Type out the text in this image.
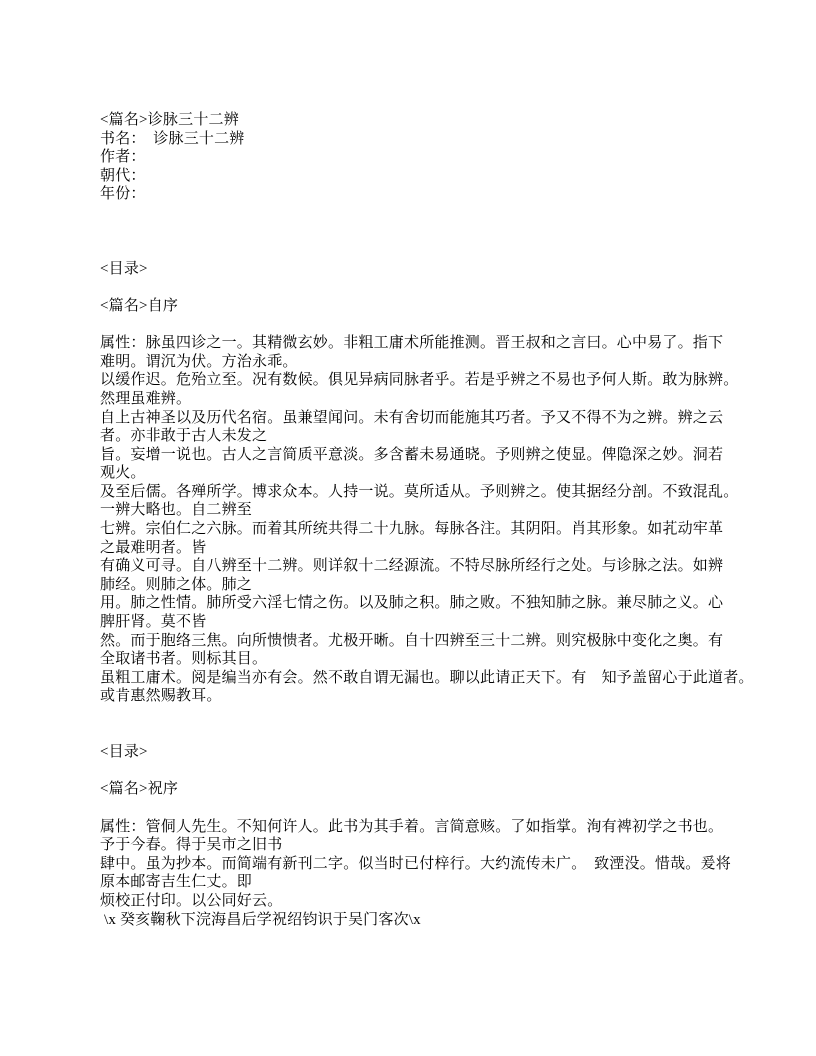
<篇名>诊脉三十二辨
书名：　诊脉三十二辨
作者：
朝代：
年份：
<目录>
<篇名>自序
属性：脉虽四诊之一。其精微玄妙。非粗工庸术所能推测。晋王叔和之言曰。心中易了。指下
难明。谓沉为伏。方治永乖。
以缓作迟。危殆立至。况有数候。俱见异病同脉者乎。若是乎辨之不易也予何人斯。敢为脉辨。
然理虽难辨。
自上古神圣以及历代名宿。虽兼望闻问。未有舍切而能施其巧者。予又不得不为之辨。辨之云
者。亦非敢于古人未发之
旨。妄增一说也。古人之言简质平意淡。多含蓄未易通晓。予则辨之使显。俾隐深之妙。洞若
观火。
及至后儒。各殚所学。博求众本。人持一说。莫所适从。予则辨之。使其据经分剖。不致混乱。
一辨大略也。自二辨至
七辨。宗伯仁之六脉。而着其所统共得二十九脉。每脉各注。其阴阳。肖其形象。如芤动牢革
之最难明者。皆
有确义可寻。自八辨至十二辨。则详叙十二经源流。不特尽脉所经行之处。与诊脉之法。如辨
肺经。则肺之体。肺之
用。肺之性情。肺所受六淫七情之伤。以及肺之积。肺之败。不独知肺之脉。兼尽肺之义。心
脾肝肾。莫不皆
然。而于胞络三焦。向所愦愦者。尤极开晰。自十四辨至三十二辨。则究极脉中变化之奥。有
全取诸书者。则标其目。
虽粗工庸术。阅是编当亦有会。然不敢自谓无漏也。聊以此请正天下。有　知予盖留心于此道者。
或肯惠然赐教耳。
<目录>
<篇名>祝序
属性：管侗人先生。不知何许人。此书为其手着。言简意赅。了如指掌。洵有裨初学之书也。
予于今春。得于吴市之旧书
肆中。虽为抄本。而简端有新刊二字。似当时已付梓行。大约流传未广。　致湮没。惜哉。爰将
原本邮寄吉生仁丈。即
烦校正付印。以公同好云。
\x 癸亥鞠秋下浣海昌后学祝绍钧识于吴门客次\x
